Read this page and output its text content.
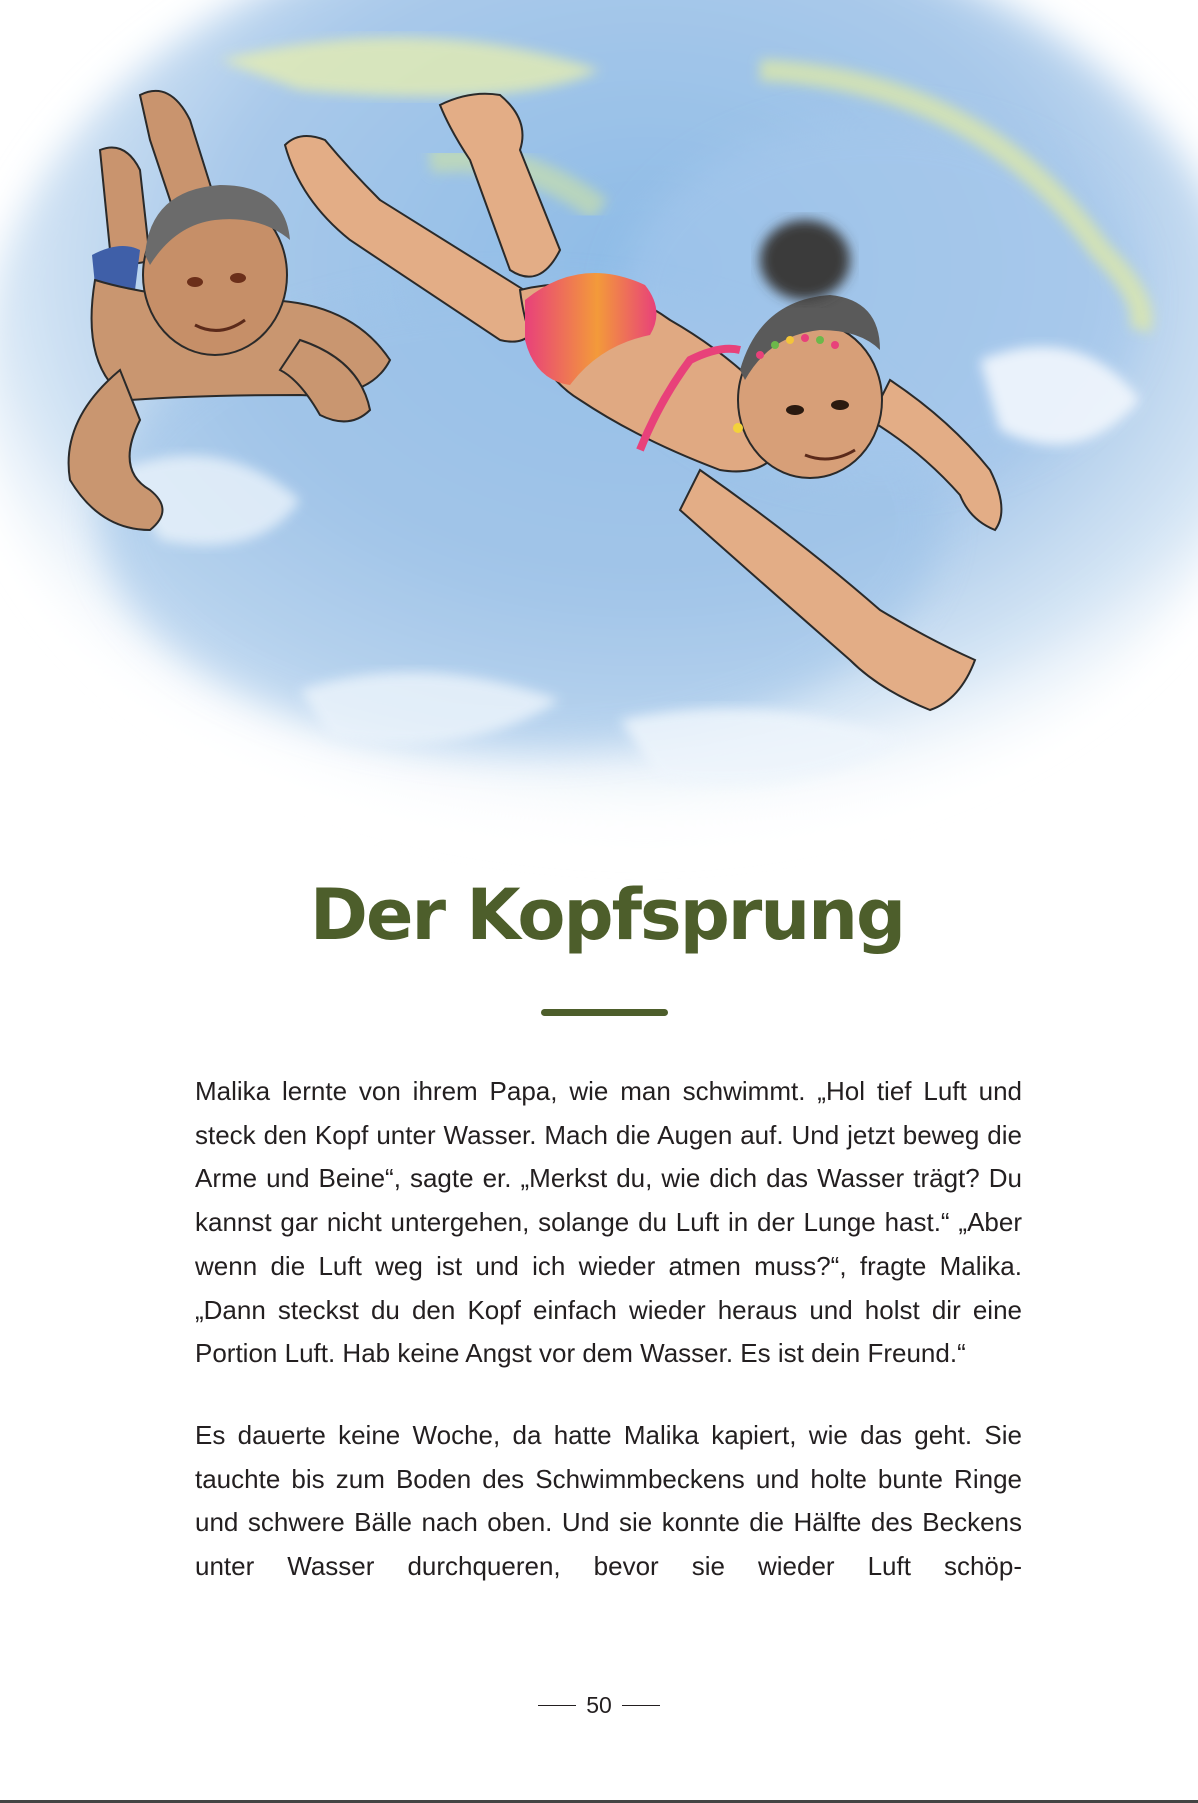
Der Kopfsprung

Malika lernte von ihrem Papa, wie man schwimmt. „Hol tief Luft und steck den Kopf unter Wasser. Mach die Augen auf. Und jetzt beweg die Arme und Beine“, sagte er. „Merkst du, wie dich das Wasser trägt? Du kannst gar nicht untergehen, solange du Luft in der Lunge hast.“ „Aber wenn die Luft weg ist und ich wieder atmen muss?“, fragte Malika. „Dann steckst du den Kopf einfach wieder heraus und holst dir eine Portion Luft. Hab keine Angst vor dem Wasser. Es ist dein Freund.“

Es dauerte keine Woche, da hatte Malika kapiert, wie das geht. Sie tauchte bis zum Boden des Schwimmbeckens und holte bunte Ringe und schwere Bälle nach oben. Und sie konnte die Hälfte des Beckens unter Wasser durchqueren, bevor sie wieder Luft schöp-

50
